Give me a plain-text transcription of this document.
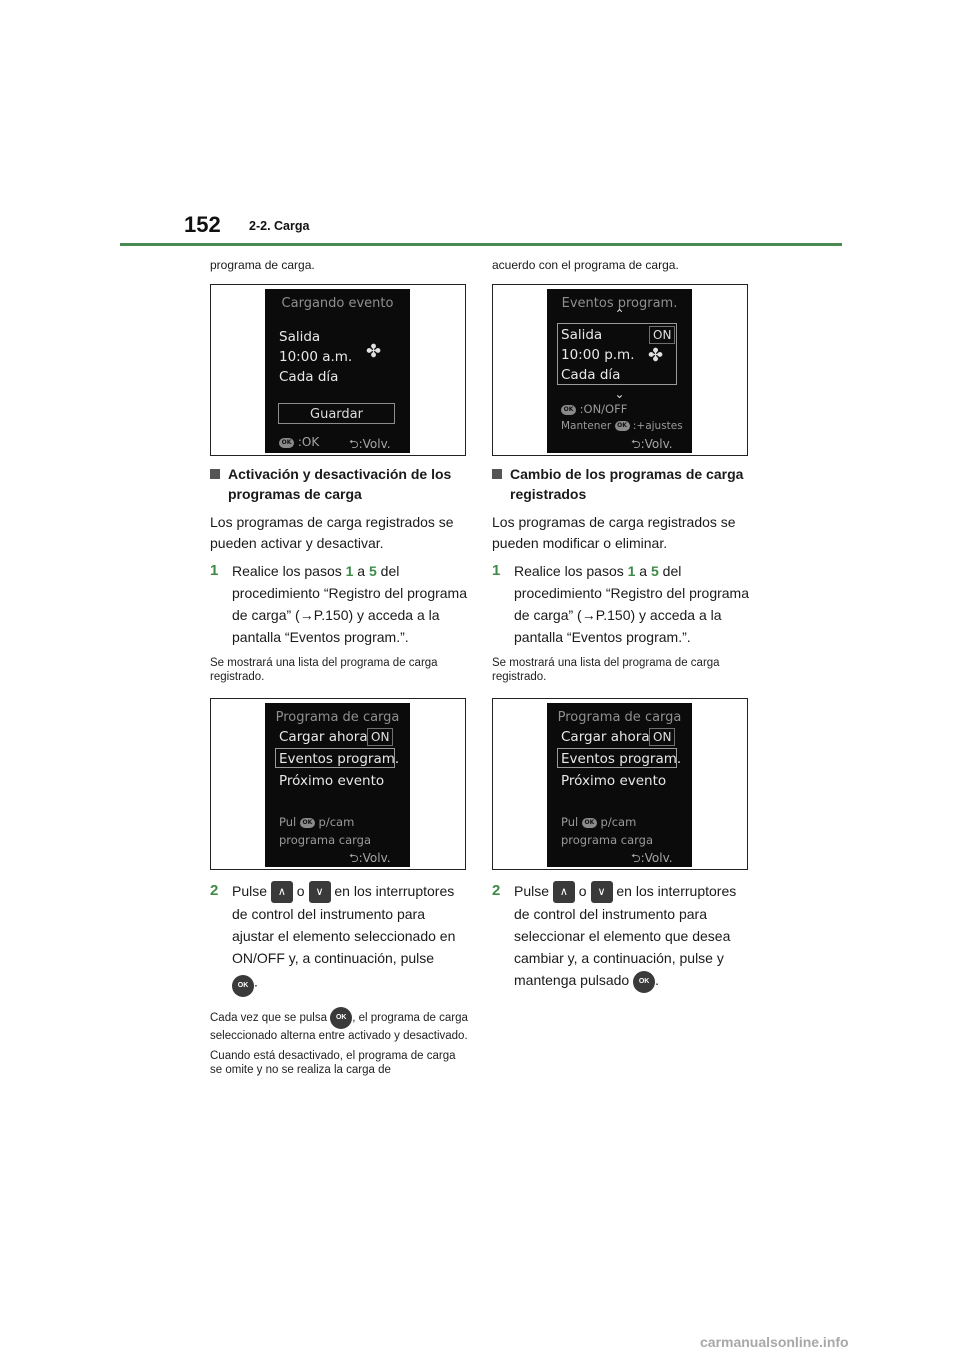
152 2-2. Carga

programa de carga.

Cargando evento
Salida
10:00 a.m.
Cada día
✤
Guardar
OK :OK ⮌:Volv.
Activación y desactivación de los programas de carga

Los programas de carga registrados se pueden activar y desactivar.

1 Realice los pasos 1 a 5 del procedimiento “Registro del programa de carga” (→P.150) y acceda a la pantalla “Eventos program.”.

Se mostrará una lista del programa de carga registrado.

Programa de carga
Cargar ahora ON
Eventos program.
Próximo evento
Pul OK p/cam
programa carga
⮌:Volv.

2 Pulse ∧ o ∨ en los interruptores de control del instrumento para ajustar el elemento seleccionado en ON/OFF y, a continuación, pulse
OK .

Cada vez que se pulsa OK , el programa de carga seleccionado alterna entre activado y desactivado.

Cuando está desactivado, el programa de carga se omite y no se realiza la carga de

acuerdo con el programa de carga.

Eventos program.
⌃
Salida	ON
10:00 p.m. ✤
Cada día
⌄
OK :ON/OFF
Mantener OK :+ajustes
⮌:Volv.
Cambio de los programas de carga registrados

Los programas de carga registrados se pueden modificar o eliminar.

1 Realice los pasos 1 a 5 del procedimiento “Registro del programa de carga” (→P.150) y acceda a la pantalla “Eventos program.”.

Se mostrará una lista del programa de carga registrado.

Programa de carga
Cargar ahora ON
Eventos program.
Próximo evento
Pul OK p/cam
programa carga
⮌:Volv.

2 Pulse ∧ o ∨ en los interruptores de control del instrumento para seleccionar el elemento que desea cambiar y, a continuación, pulse y mantenga pulsado OK .

carmanualsonline.info
